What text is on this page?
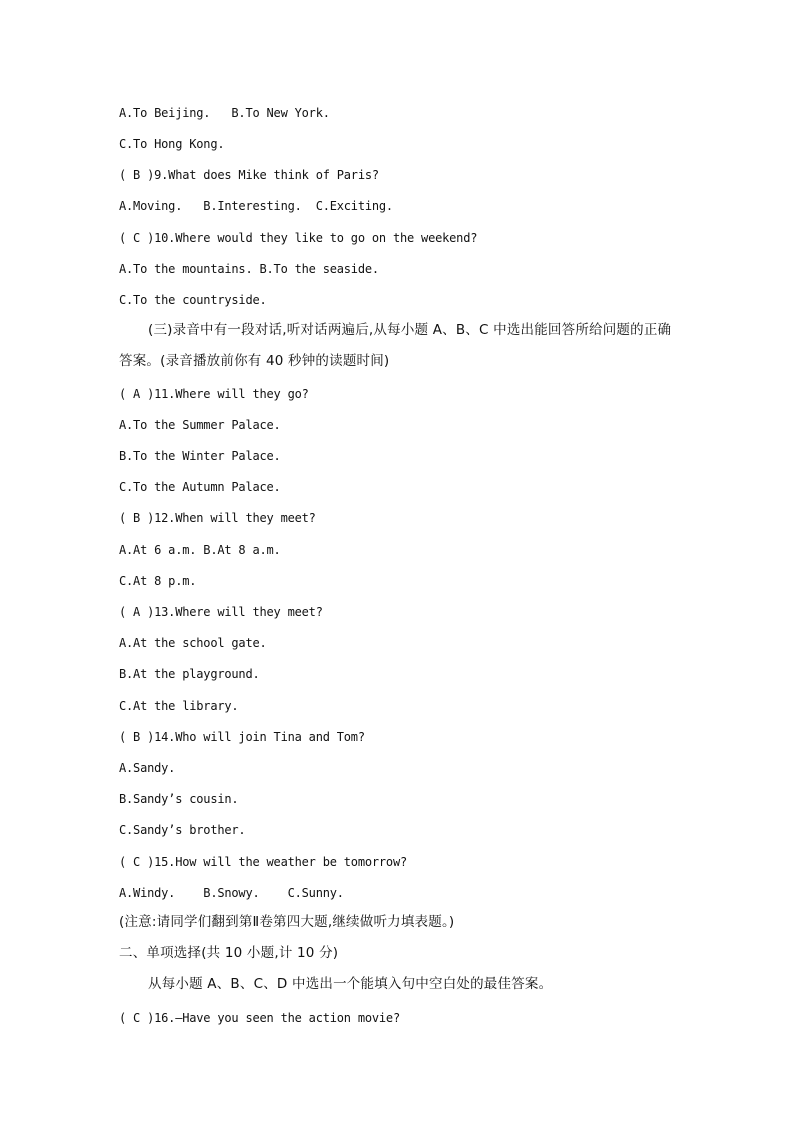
A.To Beijing.   B.To New York.
C.To Hong Kong.
( B )9.What does Mike think of Paris?
A.Moving.   B.Interesting.  C.Exciting.
( C )10.Where would they like to go on the weekend?
A.To the mountains. B.To the seaside.
C.To the countryside.
(三)录音中有一段对话,听对话两遍后,从每小题 A、B、C 中选出能回答所给问题的正确
答案。(录音播放前你有 40 秒钟的读题时间)
( A )11.Where will they go?
A.To the Summer Palace.
B.To the Winter Palace.
C.To the Autumn Palace.
( B )12.When will they meet?
A.At 6 a.m. B.At 8 a.m.
C.At 8 p.m.
( A )13.Where will they meet?
A.At the school gate.
B.At the playground.
C.At the library.
( B )14.Who will join Tina and Tom?
A.Sandy.
B.Sandy’s cousin.
C.Sandy’s brother.
( C )15.How will the weather be tomorrow?
A.Windy.    B.Snowy.    C.Sunny.
(注意:请同学们翻到第Ⅱ卷第四大题,继续做听力填表题。)
二、单项选择(共 10 小题,计 10 分)
从每小题 A、B、C、D 中选出一个能填入句中空白处的最佳答案。
( C )16.—Have you seen the action movie?
